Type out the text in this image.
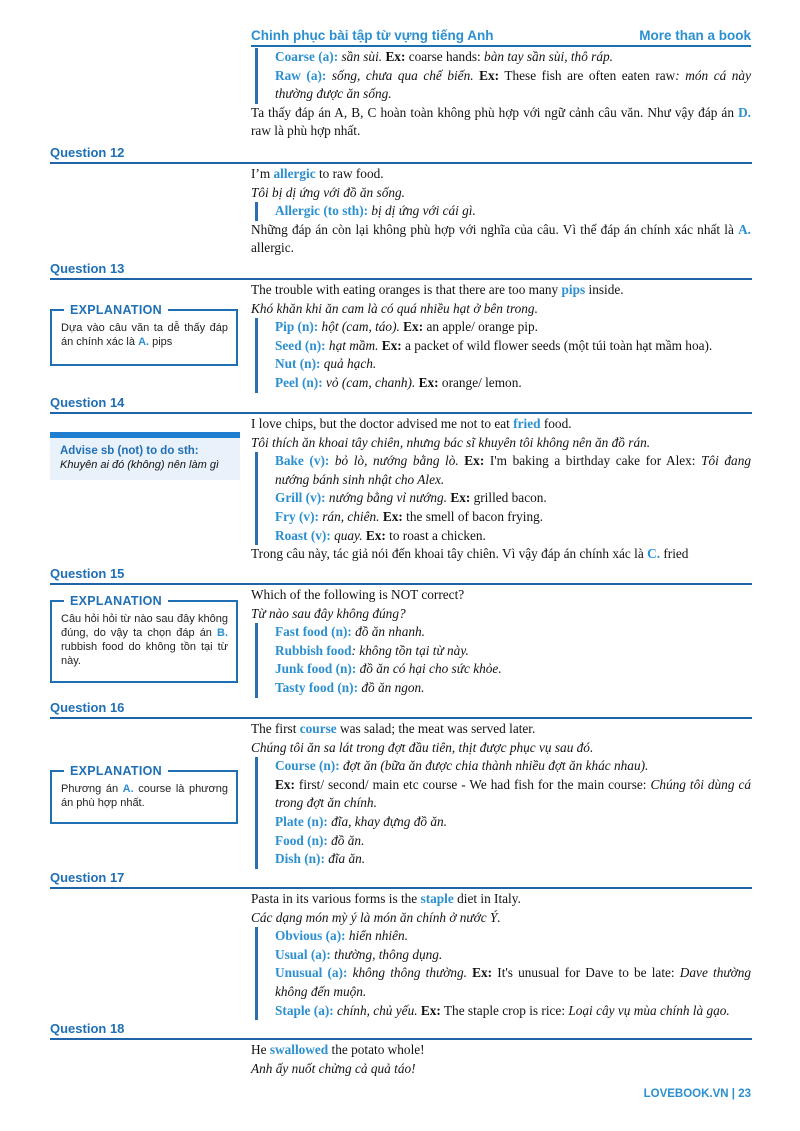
Chinh phục bài tập từ vựng tiếng Anh	More than a book
Coarse (a): sần sùi. Ex: coarse hands: bàn tay sần sùi, thô ráp.
Raw (a): sống, chưa qua chế biến. Ex: These fish are often eaten raw: món cá này thường được ăn sống.
Ta thấy đáp án A, B, C hoàn toàn không phù hợp với ngữ cảnh câu văn. Như vậy đáp án D. raw là phù hợp nhất.
Question 12
I’m allergic to raw food.
Tôi bị dị ứng với đồ ăn sống.
Allergic (to sth): bị dị ứng với cái gì.
Những đáp án còn lại không phù hợp với nghĩa của câu. Vì thế đáp án chính xác nhất là A. allergic.
Question 13
EXPLANATION
Dựa vào câu văn ta dễ thấy đáp án chính xác là A. pips
The trouble with eating oranges is that there are too many pips inside.
Khó khăn khi ăn cam là có quá nhiều hạt ở bên trong.
Pip (n): hột (cam, táo). Ex: an apple/ orange pip.
Seed (n): hạt mầm. Ex: a packet of wild flower seeds (một túi toàn hạt mầm hoa).
Nut (n): quả hạch.
Peel (n): vỏ (cam, chanh). Ex: orange/ lemon.
Question 14
Advise sb (not) to do sth:
Khuyên ai đó (không) nên làm gì
I love chips, but the doctor advised me not to eat fried food.
Tôi thích ăn khoai tây chiên, nhưng bác sĩ khuyên tôi không nên ăn đồ rán.
Bake (v): bỏ lò, nướng bằng lò. Ex: I'm baking a birthday cake for Alex: Tôi đang nướng bánh sinh nhật cho Alex.
Grill (v): nướng bằng vỉ nướng. Ex: grilled bacon.
Fry (v): rán, chiên. Ex: the smell of bacon frying.
Roast (v): quay. Ex: to roast a chicken.
Trong câu này, tác giả nói đến khoai tây chiên. Vì vậy đáp án chính xác là C. fried
Question 15
EXPLANATION
Câu hỏi hỏi từ nào sau đây không đúng, do vậy ta chọn đáp án B. rubbish food do không tồn tại từ này.
Which of the following is NOT correct?
Từ nào sau đây không đúng?
Fast food (n): đồ ăn nhanh.
Rubbish food: không tồn tại từ này.
Junk food (n): đồ ăn có hại cho sức khỏe.
Tasty food (n): đồ ăn ngon.
Question 16
EXPLANATION
Phương án A. course là phương án phù hợp nhất.
The first course was salad; the meat was served later.
Chúng tôi ăn sa lát trong đợt đầu tiên, thịt được phục vụ sau đó.
Course (n): đợt ăn (bữa ăn được chia thành nhiều đợt ăn khác nhau).
Ex: first/ second/ main etc course - We had fish for the main course: Chúng tôi dùng cá trong đợt ăn chính.
Plate (n): đĩa, khay đựng đồ ăn.
Food (n): đồ ăn.
Dish (n): đĩa ăn.
Question 17
Pasta in its various forms is the staple diet in Italy.
Các dạng món mỳ ý là món ăn chính ở nước Ý.
Obvious (a): hiển nhiên.
Usual (a): thường, thông dụng.
Unusual (a): không thông thường. Ex: It's unusual for Dave to be late: Dave thường không đến muộn.
Staple (a): chính, chủ yếu. Ex: The staple crop is rice: Loại cây vụ mùa chính là gạo.
Question 18
He swallowed the potato whole!
Anh ấy nuốt chửng cả quả táo!
LOVEBOOK.VN | 23
